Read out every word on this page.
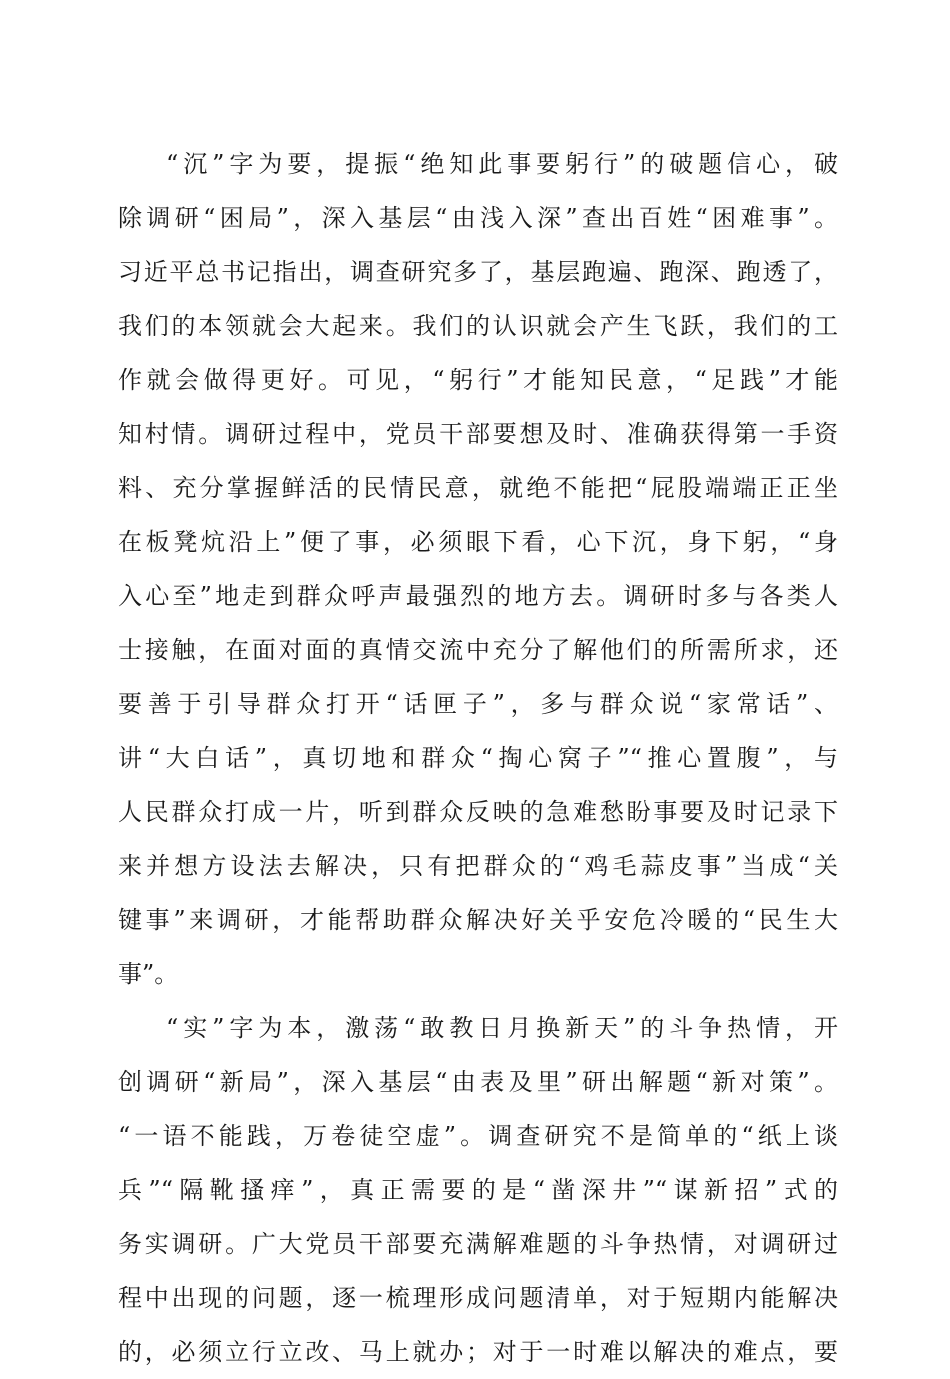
“沉”字为要，提振“绝知此事要躬行”的破题信心，破
除调研“困局”，深入基层“由浅入深”查出百姓“困难事”。
习近平总书记指出，调查研究多了，基层跑遍、跑深、跑透了，
我们的本领就会大起来。我们的认识就会产生飞跃，我们的工
作就会做得更好。可见，“躬行”才能知民意，“足践”才能
知村情。调研过程中，党员干部要想及时、准确获得第一手资
料、充分掌握鲜活的民情民意，就绝不能把“屁股端端正正坐
在板凳炕沿上”便了事，必须眼下看，心下沉，身下躬，“身
入心至”地走到群众呼声最强烈的地方去。调研时多与各类人
士接触，在面对面的真情交流中充分了解他们的所需所求，还
要善于引导群众打开“话匣子”，多与群众说“家常话”、
讲“大白话”，真切地和群众“掏心窝子”“推心置腹”，与
人民群众打成一片，听到群众反映的急难愁盼事要及时记录下
来并想方设法去解决，只有把群众的“鸡毛蒜皮事”当成“关
键事”来调研，才能帮助群众解决好关乎安危冷暖的“民生大
事”。
“实”字为本，激荡“敢教日月换新天”的斗争热情，开
创调研“新局”，深入基层“由表及里”研出解题“新对策”。
“一语不能践，万卷徒空虚”。调查研究不是简单的“纸上谈
兵”“隔靴搔痒”，真正需要的是“凿深井”“谋新招”式的
务实调研。广大党员干部要充满解难题的斗争热情，对调研过
程中出现的问题，逐一梳理形成问题清单，对于短期内能解决
的，必须立行立改、马上就办；对于一时难以解决的难点，要
